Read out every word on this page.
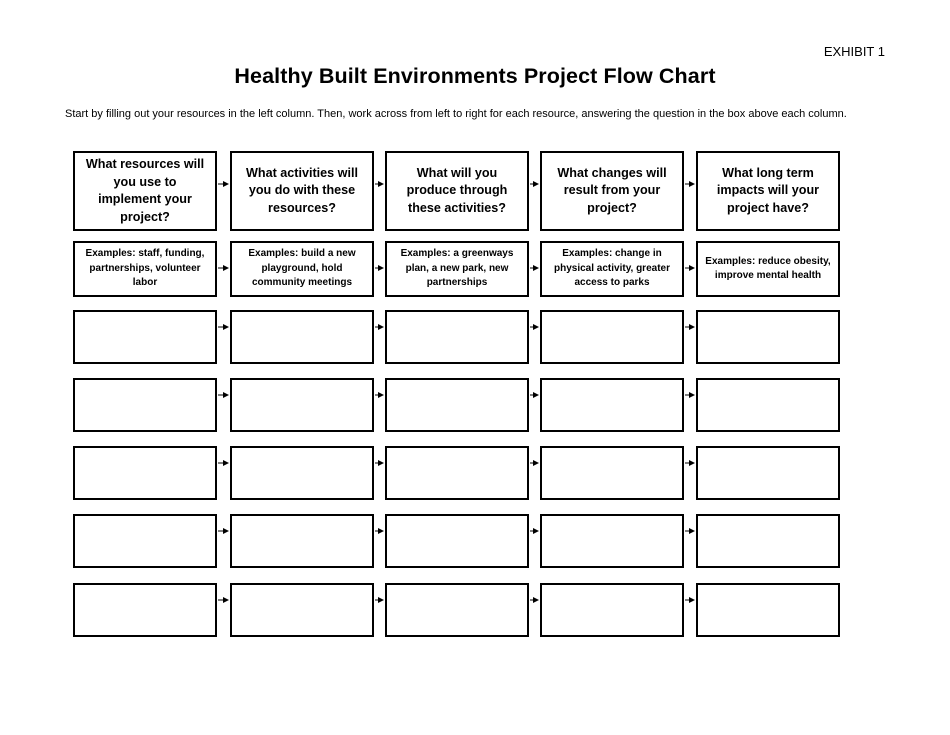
EXHIBIT 1
Healthy Built Environments Project Flow Chart
Start by filling out your resources in the left column. Then, work across from left to right for each resource, answering the question in the box above each column.
What resources will you use to implement your project?
What activities will you do with these resources?
What will you produce through these activities?
What changes will result from your project?
What long term impacts will your project have?
Examples: staff, funding, partnerships, volunteer labor
Examples: build a new playground, hold community meetings
Examples: a greenways plan, a new park, new partnerships
Examples: change in physical activity, greater access to parks
Examples: reduce obesity, improve mental health
